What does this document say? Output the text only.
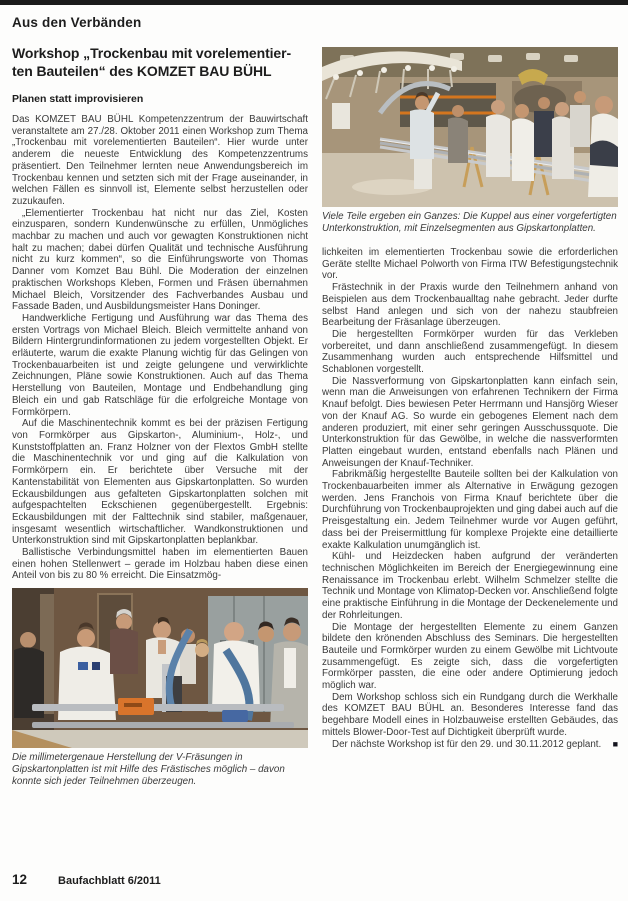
Aus den Verbänden
Workshop „Trockenbau mit vorelementier-
ten Bauteilen“ des KOMZET BAU BÜHL
Planen statt improvisieren

Das KOMZET BAU BÜHL Kompetenzzentrum der Bauwirtschaft veranstaltete am 27./28. Oktober 2011 einen Workshop zum Thema „Trockenbau mit vorelementierten Bauteilen“. Hier wurde unter anderem die neueste Entwicklung des Kompetenzzentrums präsentiert. Den Teilnehmer lernten neue Anwendungsbereich im Trockenbau kennen und setzten sich mit der Frage auseinander, in welchen Fällen es sinnvoll ist, Elemente selbst herzustellen oder zuzukaufen.

„Elementierter Trockenbau hat nicht nur das Ziel, Kosten einzusparen, sondern Kundenwünsche zu erfüllen, Unmögliches machbar zu machen und auch vor gewagten Konstruktionen nicht halt zu machen; dabei dürfen Qualität und technische Ausführung nicht zu kurz kommen“, so die Einführungsworte von Thomas Danner vom Komzet Bau Bühl. Die Moderation der einzelnen praktischen Workshops Kleben, Formen und Fräsen übernahmen Michael Bleich, Vorsitzender des Fachverbandes Ausbau und Fassade Baden, und Ausbildungsmeister Hans Doninger.

Handwerkliche Fertigung und Ausführung war das Thema des ersten Vortrags von Michael Bleich. Bleich vermittelte anhand von Bildern Hintergrundinformationen zu jedem vorgestellten Objekt. Er erläuterte, warum die exakte Planung wichtig für das Gelingen von Trockenbauarbeiten ist und zeigte gelungene und verwirklichte Zeichnungen, Pläne sowie Konstruktionen. Auch auf das Thema Herstellung von Bauteilen, Montage und Endbehandlung ging Bleich ein und gab Ratschläge für die erfolgreiche Montage von Formkörpern.

Auf die Maschinentechnik kommt es bei der präzisen Fertigung von Formkörper aus Gipskarton-, Aluminium-, Holz-, und Kunststoffplatten an. Franz Holzner von der Flextos GmbH stellte die Maschinentechnik vor und ging auf die Kalkulation von Formkörpern ein. Er berichtete über Versuche mit der Kantenstabilität von Elementen aus Gipskartonplatten. So wurden Eckausbildungen aus gefalteten Gipskartonplatten solchen mit aufgespachtelten Eckschienen gegenübergestellt. Ergebnis: Eckausbildungen mit der Falttechnik sind stabiler, maßgenauer, insgesamt wesentlich wirtschaftlicher. Wandkonstruktionen und Unterkonstruktion sind mit Gipskartonplatten beplankbar.

Ballistische Verbindungsmittel haben im elementierten Bauen einen hohen Stellenwert – gerade im Holzbau haben diese einen Anteil von bis zu 80 % erreicht. Die Einsatzmög-

Die millimetergenaue Herstellung der V-Fräsungen in Gipskartonplatten ist mit Hilfe des Frästisches möglich – davon konnte sich jeder Teilnehmen überzeugen.

Viele Teile ergeben ein Ganzes: Die Kuppel aus einer vorgefertigten Unterkonstruktion, mit Einzelsegmenten aus Gipskartonplatten.

lichkeiten im elementierten Trockenbau sowie die erforderlichen Geräte stellte Michael Polworth von Firma ITW Befestigungstechnik vor.

Frästechnik in der Praxis wurde den Teilnehmern anhand von Beispielen aus dem Trockenbaualltag nahe gebracht. Jeder durfte selbst Hand anlegen und sich von der nahezu staubfreien Bearbeitung der Fräsanlage überzeugen.

Die hergestellten Formkörper wurden für das Verkleben vorbereitet, und dann anschließend zusammengefügt. In diesem Zusammenhang wurden auch entsprechende Hilfsmittel und Schablonen vorgestellt.

Die Nassverformung von Gipskartonplatten kann einfach sein, wenn man die Anweisungen von erfahrenen Technikern der Firma Knauf befolgt. Dies bewiesen Peter Herrmann und Hansjörg Wieser von der Knauf AG. So wurde ein gebogenes Element nach dem anderen produziert, mit einer sehr geringen Ausschussquote. Die Unterkonstruktion für das Gewölbe, in welche die nassverformten Platten eingebaut wurden, entstand ebenfalls nach Plänen und Anweisungen der Knauf-Techniker.

Fabrikmäßig hergestellte Bauteile sollten bei der Kalkulation von Trockenbauarbeiten immer als Alternative in Erwägung gezogen werden. Jens Franchois von Firma Knauf berichtete über die Durchführung von Trockenbauprojekten und ging dabei auch auf die Preisgestaltung ein. Jedem Teilnehmer wurde vor Augen geführt, dass bei der Preisermittlung für komplexe Projekte eine detaillierte exakte Kalkulation unumgänglich ist.

Kühl- und Heizdecken haben aufgrund der veränderten technischen Möglichkeiten im Bereich der Energiegewinnung eine Renaissance im Trockenbau erlebt. Wilhelm Schmelzer stellte die Technik und Montage von Klimatop-Decken vor. Anschließend folgte eine praktische Einführung in die Montage der Deckenelemente und der Rohrleitungen.

Die Montage der hergestellten Elemente zu einem Ganzen bildete den krönenden Abschluss des Seminars. Die hergestellten Bauteile und Formkörper wurden zu einem Gewölbe mit Lichtvoute zusammengefügt. Es zeigte sich, dass die vorgefertigten Formkörper passten, die eine oder andere Optimierung jedoch möglich war.

Dem Workshop schloss sich ein Rundgang durch die Werkhalle des KOMZET BAU BÜHL an. Besonderes Interesse fand das begehbare Modell eines in Holzbauweise erstellten Gebäudes, das mittels Blower-Door-Test auf Dichtigkeit überprüft wurde.

Der nächste Workshop ist für den 29. und 30.11.2012 geplant.	■

12	Baufachblatt 6/2011
